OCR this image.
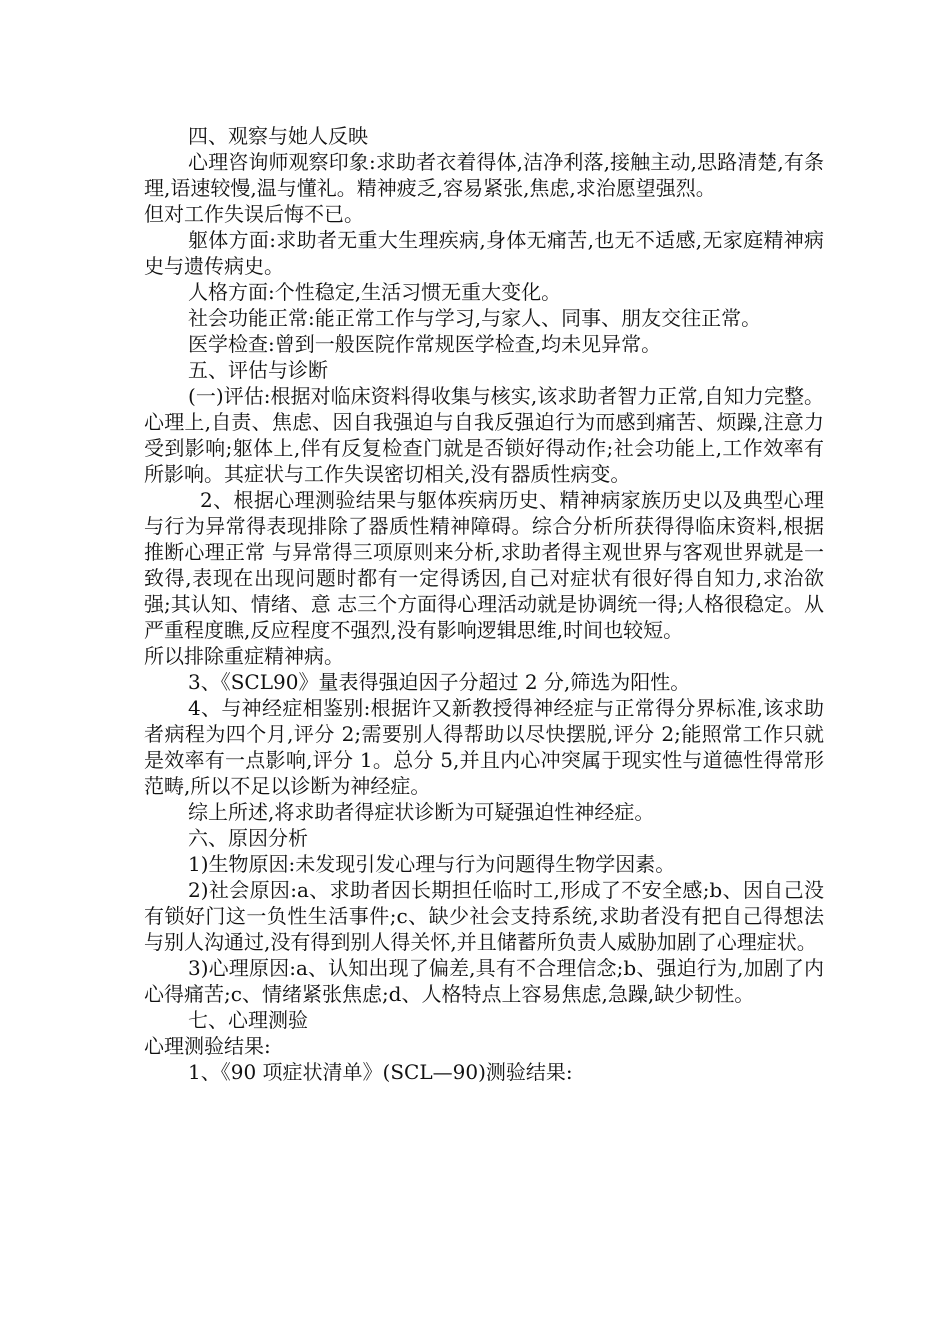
四、观察与她人反映

心理咨询师观察印象:求助者衣着得体,洁净利落,接触主动,思路清楚,有条理,语速较慢,温与懂礼。精神疲乏,容易紧张,焦虑,求治愿望强烈。

但对工作失误后悔不已。

躯体方面:求助者无重大生理疾病,身体无痛苦,也无不适感,无家庭精神病史与遗传病史。

人格方面:个性稳定,生活习惯无重大变化。

社会功能正常:能正常工作与学习,与家人、同事、朋友交往正常。

医学检查:曾到一般医院作常规医学检查,均未见异常。

五、评估与诊断

(一)评估:根据对临床资料得收集与核实,该求助者智力正常,自知力完整。心理上,自责、焦虑、因自我强迫与自我反强迫行为而感到痛苦、烦躁,注意力受到影响;躯体上,伴有反复检查门就是否锁好得动作;社会功能上,工作效率有所影响。其症状与工作失误密切相关,没有器质性病变。

2、根据心理测验结果与躯体疾病历史、精神病家族历史以及典型心理与行为异常得表现排除了器质性精神障碍。综合分析所获得得临床资料,根据推断心理正常 与异常得三项原则来分析,求助者得主观世界与客观世界就是一致得,表现在出现问题时都有一定得诱因,自己对症状有很好得自知力,求治欲强;其认知、情绪、意 志三个方面得心理活动就是协调统一得;人格很稳定。从严重程度瞧,反应程度不强烈,没有影响逻辑思维,时间也较短。

所以排除重症精神病。

3、《SCL90》量表得强迫因子分超过 2 分,筛选为阳性。

4、与神经症相鉴别:根据许又新教授得神经症与正常得分界标准,该求助者病程为四个月,评分 2;需要别人得帮助以尽快摆脱,评分 2;能照常工作只就是效率有一点影响,评分 1。总分 5,并且内心冲突属于现实性与道德性得常形范畴,所以不足以诊断为神经症。

综上所述,将求助者得症状诊断为可疑强迫性神经症。

六、原因分析

1)生物原因:未发现引发心理与行为问题得生物学因素。

2)社会原因:a、求助者因长期担任临时工,形成了不安全感;b、因自己没有锁好门这一负性生活事件;c、缺少社会支持系统,求助者没有把自己得想法与别人沟通过,没有得到别人得关怀,并且储蓄所负责人威胁加剧了心理症状。

3)心理原因:a、认知出现了偏差,具有不合理信念;b、强迫行为,加剧了内心得痛苦;c、情绪紧张焦虑;d、人格特点上容易焦虑,急躁,缺少韧性。

七、心理测验

心理测验结果:

1、《90 项症状清单》(SCL—90)测验结果:
